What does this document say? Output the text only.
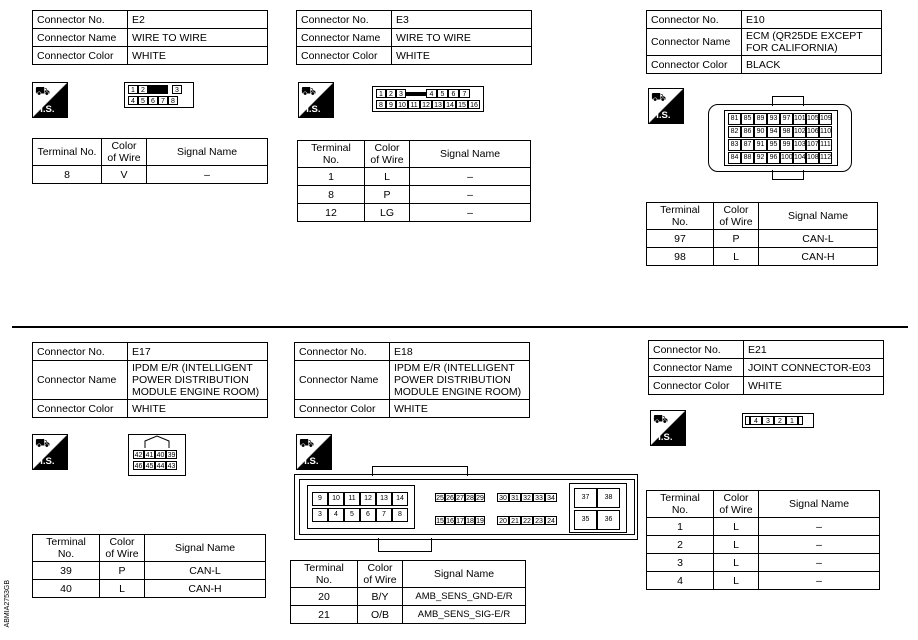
Connector No.	E2
Connector Name	WIRE TO WIRE
Connector Color	WHITE
⛟
H.S.
1 2	3
4 5 6 7 8
Terminal No.	Color of Wire	Signal Name
8	V	–
Connector No.	E3
Connector Name	WIRE TO WIRE
Connector Color	WHITE
⛟
H.S.
1 2 3	4 5 6 7
8 9 10 11 12 13 14 15 16
Terminal No.	Color of Wire	Signal Name
1	L	–
8	P	–
12	LG	–
Connector No.	E10
Connector Name	ECM (QR25DE EXCEPT FOR CALIFORNIA)
Connector Color	BLACK
⛟
H.S.	81 85 89 93 97 101105109
82 86 90 94 98 102106110
83 87 91 95 99 103107111
84 88 92 96 100104108112
Terminal No.	Color of Wire	Signal Name
97	P	CAN-L
98	L	CAN-H
Connector No.	E17
Connector Name	IPDM E/R (INTELLIGENT POWER DISTRIBUTION MODULE ENGINE ROOM)
Connector Color	WHITE
⛟
H.S.
42 41 40 39
46 45 44 43
Terminal No.	Color of Wire	Signal Name
39	P	CAN-L
40	L	CAN-H
Connector No.	E18
Connector Name	IPDM E/R (INTELLIGENT POWER DISTRIBUTION MODULE ENGINE ROOM)
Connector Color	WHITE
⛟
H.S.
9 10 11 12 13 14
3 4 5 6 7 8
25 26 27 28 29 30 31 32 33 34
15 16 17 18 19 20 21 22 23 24
37 38
35 36
Terminal No.	Color of Wire	Signal Name
20	B/Y	AMB_SENS_GND-E/R
21	O/B	AMB_SENS_SIG-E/R
Connector No.	E21
Connector Name	JOINT CONNECTOR-E03
Connector Color	WHITE
⛟
H.S.
4 3 2 1
Terminal No.	Color of Wire	Signal Name
1	L	–
2	L	–
3	L	–
4	L	–
ABMIA2753GB
